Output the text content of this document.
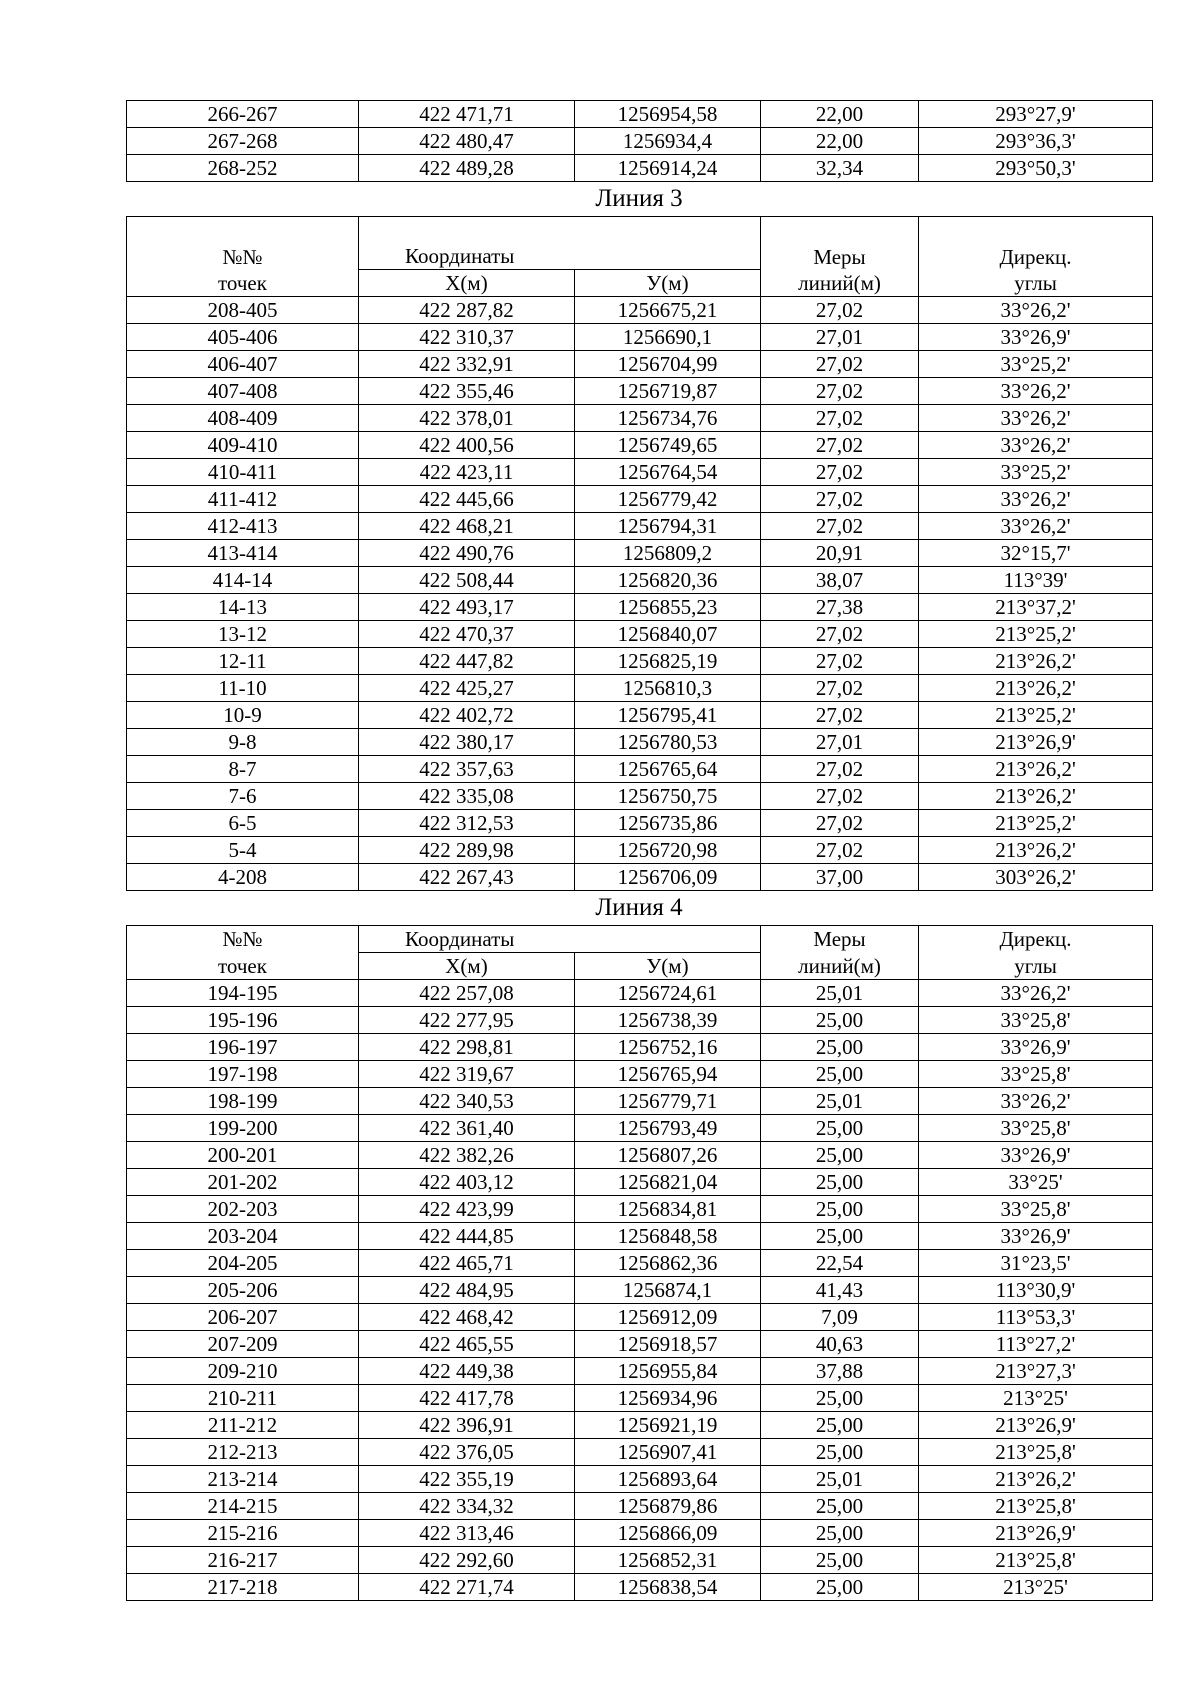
266-267	422 471,71	1256954,58	22,00	293°27,9'
267-268	422 480,47	1256934,4	22,00	293°36,3'
268-252	422 489,28	1256914,24	32,34	293°50,3'
Линия 3
№№	Координаты		Меры	Дирекц.
точек	X(м)	У(м)	линий(м)	углы
208-405	422 287,82	1256675,21	27,02	33°26,2'
405-406	422 310,37	1256690,1	27,01	33°26,9'
406-407	422 332,91	1256704,99	27,02	33°25,2'
407-408	422 355,46	1256719,87	27,02	33°26,2'
408-409	422 378,01	1256734,76	27,02	33°26,2'
409-410	422 400,56	1256749,65	27,02	33°26,2'
410-411	422 423,11	1256764,54	27,02	33°25,2'
411-412	422 445,66	1256779,42	27,02	33°26,2'
412-413	422 468,21	1256794,31	27,02	33°26,2'
413-414	422 490,76	1256809,2	20,91	32°15,7'
414-14	422 508,44	1256820,36	38,07	113°39'
14-13	422 493,17	1256855,23	27,38	213°37,2'
13-12	422 470,37	1256840,07	27,02	213°25,2'
12-11	422 447,82	1256825,19	27,02	213°26,2'
11-10	422 425,27	1256810,3	27,02	213°26,2'
10-9	422 402,72	1256795,41	27,02	213°25,2'
9-8	422 380,17	1256780,53	27,01	213°26,9'
8-7	422 357,63	1256765,64	27,02	213°26,2'
7-6	422 335,08	1256750,75	27,02	213°26,2'
6-5	422 312,53	1256735,86	27,02	213°25,2'
5-4	422 289,98	1256720,98	27,02	213°26,2'
4-208	422 267,43	1256706,09	37,00	303°26,2'
Линия 4
№№	Координаты		Меры	Дирекц.
точек	X(м)	У(м)	линий(м)	углы
194-195	422 257,08	1256724,61	25,01	33°26,2'
195-196	422 277,95	1256738,39	25,00	33°25,8'
196-197	422 298,81	1256752,16	25,00	33°26,9'
197-198	422 319,67	1256765,94	25,00	33°25,8'
198-199	422 340,53	1256779,71	25,01	33°26,2'
199-200	422 361,40	1256793,49	25,00	33°25,8'
200-201	422 382,26	1256807,26	25,00	33°26,9'
201-202	422 403,12	1256821,04	25,00	33°25'
202-203	422 423,99	1256834,81	25,00	33°25,8'
203-204	422 444,85	1256848,58	25,00	33°26,9'
204-205	422 465,71	1256862,36	22,54	31°23,5'
205-206	422 484,95	1256874,1	41,43	113°30,9'
206-207	422 468,42	1256912,09	7,09	113°53,3'
207-209	422 465,55	1256918,57	40,63	113°27,2'
209-210	422 449,38	1256955,84	37,88	213°27,3'
210-211	422 417,78	1256934,96	25,00	213°25'
211-212	422 396,91	1256921,19	25,00	213°26,9'
212-213	422 376,05	1256907,41	25,00	213°25,8'
213-214	422 355,19	1256893,64	25,01	213°26,2'
214-215	422 334,32	1256879,86	25,00	213°25,8'
215-216	422 313,46	1256866,09	25,00	213°26,9'
216-217	422 292,60	1256852,31	25,00	213°25,8'
217-218	422 271,74	1256838,54	25,00	213°25'
